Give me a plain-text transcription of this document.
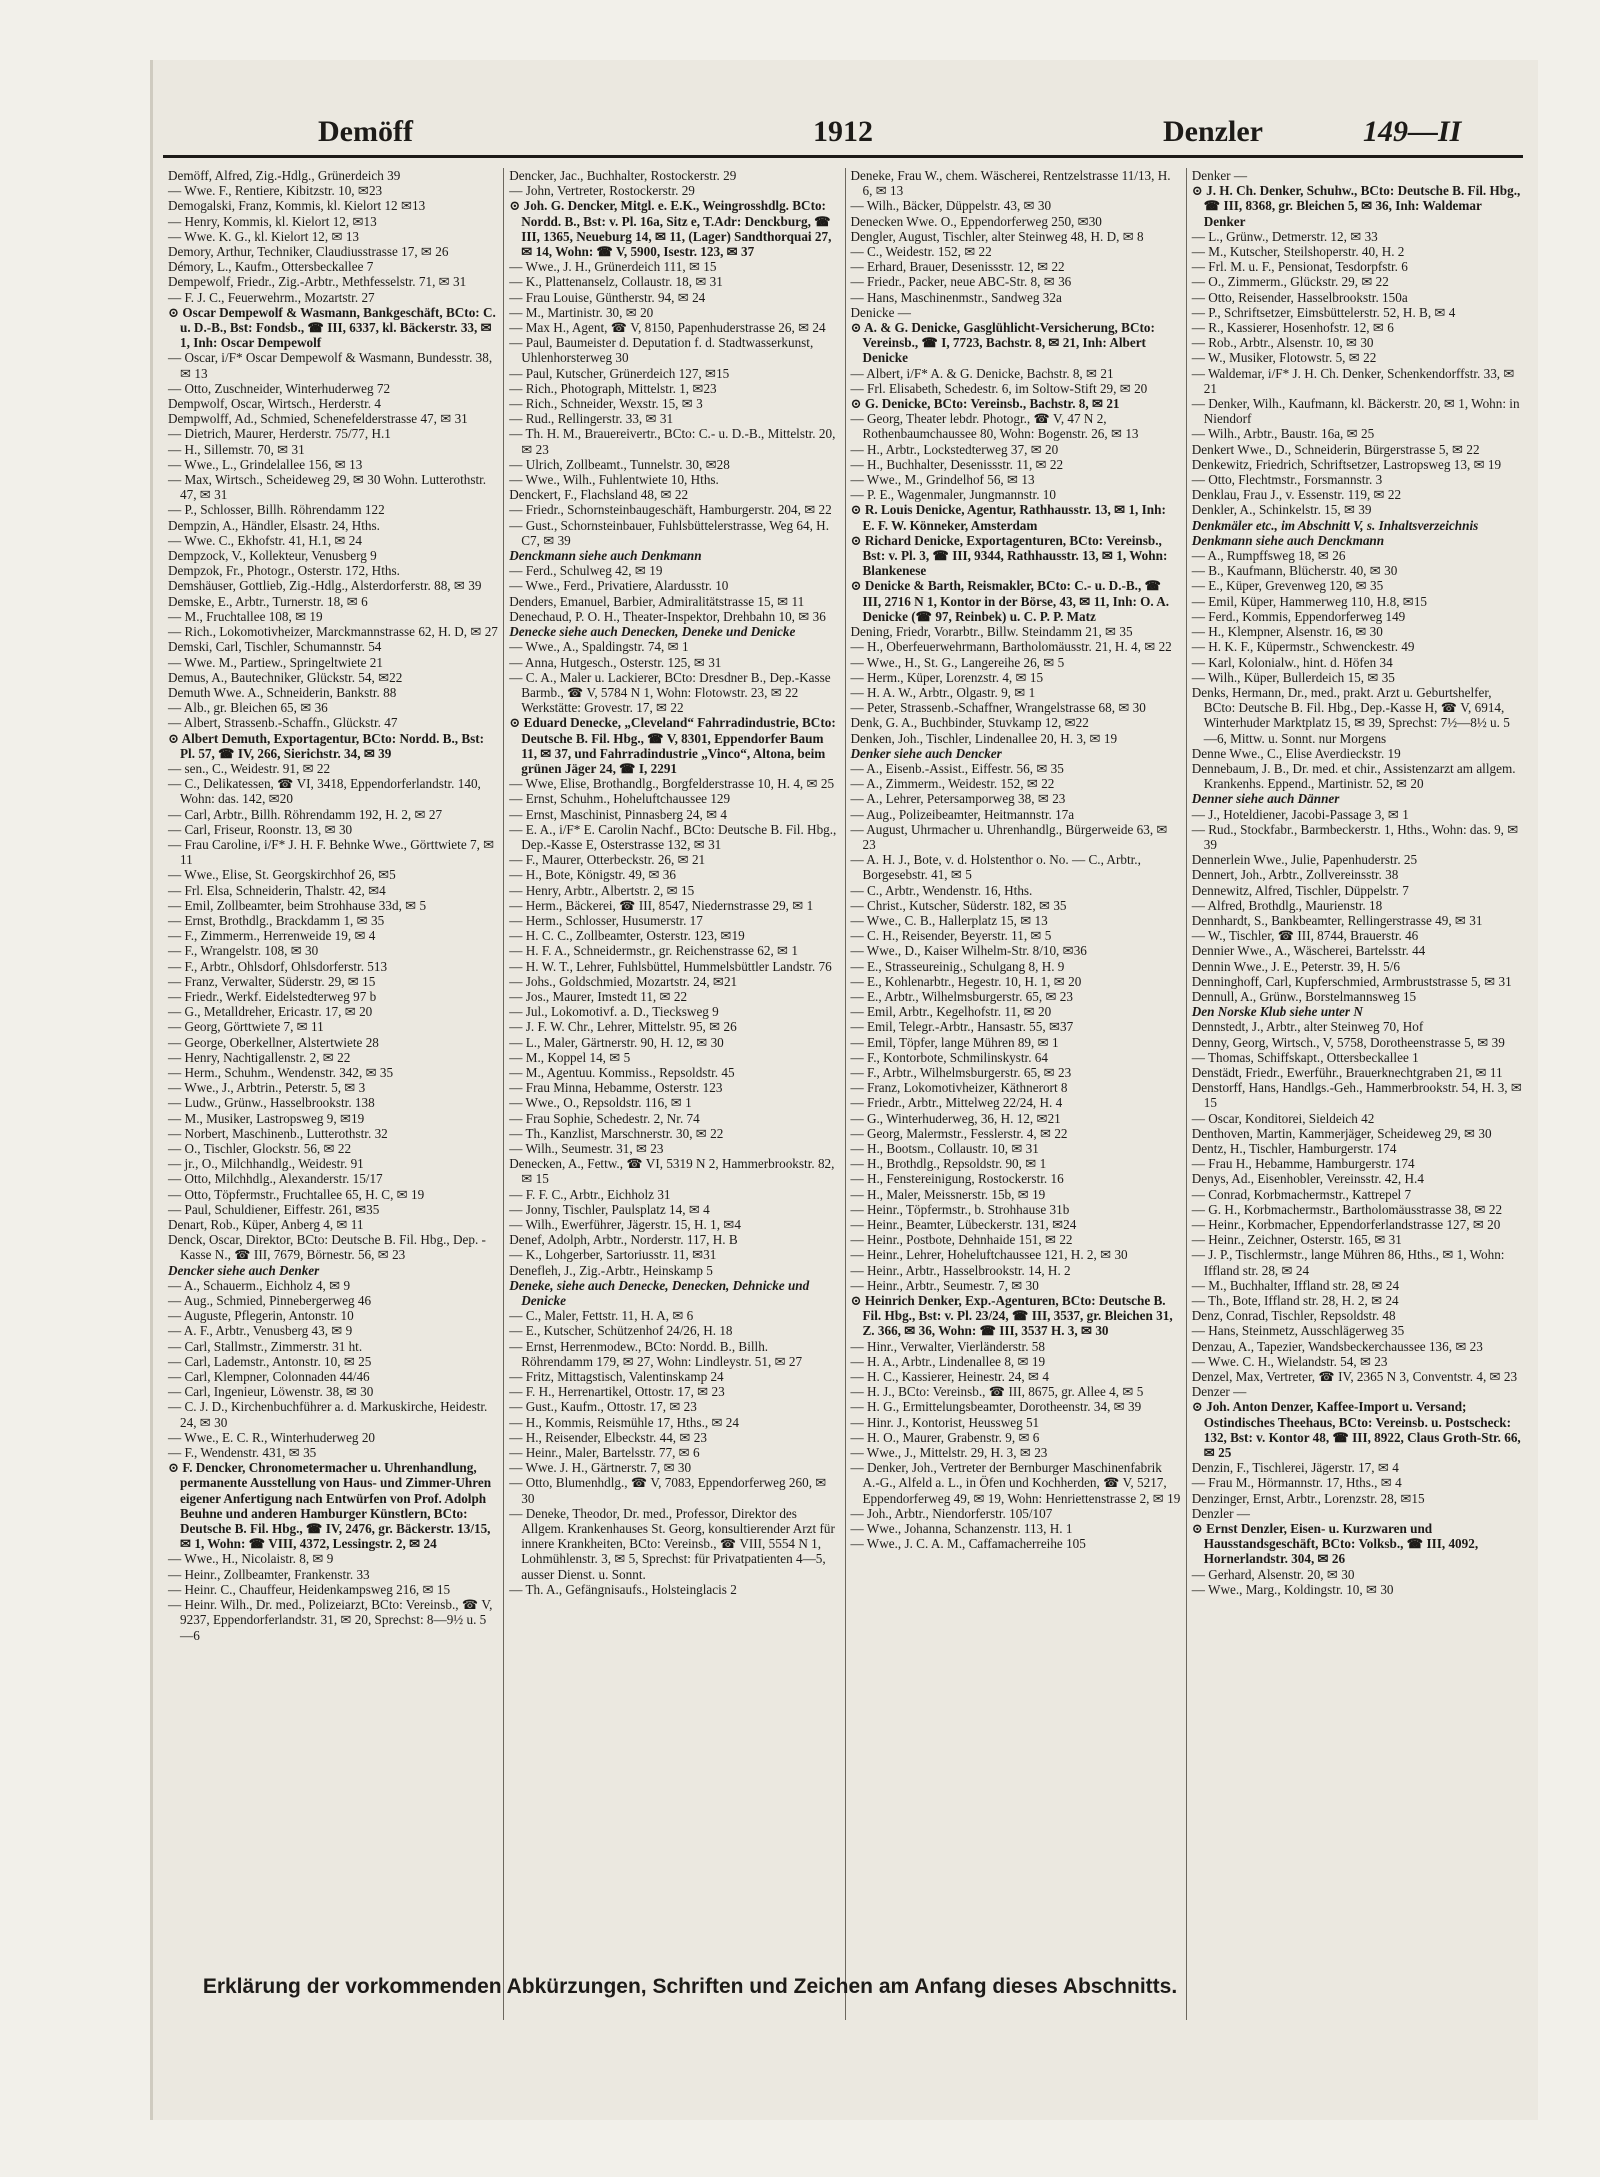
Demöff	1912	Denzler	149—II

Demöff, Alfred, Zig.-Hdlg., Grünerdeich 39

— Wwe. F., Rentiere, Kibitzstr. 10, ✉23

Demogalski, Franz, Kommis, kl. Kielort 12 ✉13

— Henry, Kommis, kl. Kielort 12, ✉13

— Wwe. K. G., kl. Kielort 12, ✉ 13

Demory, Arthur, Techniker, Claudiusstrasse 17, ✉ 26

Démory, L., Kaufm., Ottersbeckallee 7

Dempewolf, Friedr., Zig.-Arbtr., Methfesselstr. 71, ✉ 31

— F. J. C., Feuerwehrm., Mozartstr. 27

⊙ Oscar Dempewolf & Wasmann, Bankgeschäft, BCto: C. u. D.-B., Bst: Fondsb., ☎ III, 6337, kl. Bäckerstr. 33, ✉ 1, Inh: Oscar Dempewolf

— Oscar, i/F* Oscar Dempewolf & Wasmann, Bundesstr. 38, ✉ 13

— Otto, Zuschneider, Winterhuderweg 72

Dempwolf, Oscar, Wirtsch., Herderstr. 4

Dempwolff, Ad., Schmied, Schenefelderstrasse 47, ✉ 31

— Dietrich, Maurer, Herderstr. 75/77, H.1

— H., Sillemstr. 70, ✉ 31

— Wwe., L., Grindelallee 156, ✉ 13

— Max, Wirtsch., Scheideweg 29, ✉ 30 Wohn. Lutterothstr. 47, ✉ 31

— P., Schlosser, Billh. Röhrendamm 122

Dempzin, A., Händler, Elsastr. 24, Hths.

— Wwe. C., Ekhofstr. 41, H.1, ✉ 24

Dempzock, V., Kollekteur, Venusberg 9

Dempzok, Fr., Photogr., Osterstr. 172, Hths.

Demshäuser, Gottlieb, Zig.-Hdlg., Alsterdorferstr. 88, ✉ 39

Demske, E., Arbtr., Turnerstr. 18, ✉ 6

— M., Fruchtallee 108, ✉ 19

— Rich., Lokomotivheizer, Marckmannstrasse 62, H. D, ✉ 27

Demski, Carl, Tischler, Schumannstr. 54

— Wwe. M., Partiew., Springeltwiete 21

Demus, A., Bautechniker, Glückstr. 54, ✉22

Demuth Wwe. A., Schneiderin, Bankstr. 88

— Alb., gr. Bleichen 65, ✉ 36

— Albert, Strassenb.-Schaffn., Glückstr. 47

⊙ Albert Demuth, Exportagentur, BCto: Nordd. B., Bst: Pl. 57, ☎ IV, 266, Sierichstr. 34, ✉ 39

— sen., C., Weidestr. 91, ✉ 22

— C., Delikatessen, ☎ VI, 3418, Eppendorferlandstr. 140, Wohn: das. 142, ✉20

— Carl, Arbtr., Billh. Röhrendamm 192, H. 2, ✉ 27

— Carl, Friseur, Roonstr. 13, ✉ 30

— Frau Caroline, i/F* J. H. F. Behnke Wwe., Görttwiete 7, ✉ 11

— Wwe., Elise, St. Georgskirchhof 26, ✉5

— Frl. Elsa, Schneiderin, Thalstr. 42, ✉4

— Emil, Zollbeamter, beim Strohhause 33d, ✉ 5

— Ernst, Brothdlg., Brackdamm 1, ✉ 35

— F., Zimmerm., Herrenweide 19, ✉ 4

— F., Wrangelstr. 108, ✉ 30

— F., Arbtr., Ohlsdorf, Ohlsdorferstr. 513

— Franz, Verwalter, Süderstr. 29, ✉ 15

— Friedr., Werkf. Eidelstedterweg 97 b

— G., Metalldreher, Ericastr. 17, ✉ 20

— Georg, Görttwiete 7, ✉ 11

— George, Oberkellner, Alstertwiete 28

— Henry, Nachtigallenstr. 2, ✉ 22

— Herm., Schuhm., Wendenstr. 342, ✉ 35

— Wwe., J., Arbtrin., Peterstr. 5, ✉ 3

— Ludw., Grünw., Hasselbrookstr. 138

— M., Musiker, Lastropsweg 9, ✉19

— Norbert, Maschinenb., Lutterothstr. 32

— O., Tischler, Glockstr. 56, ✉ 22

— jr., O., Milchhandlg., Weidestr. 91

— Otto, Milchhdlg., Alexanderstr. 15/17

— Otto, Töpfermstr., Fruchtallee 65, H. C, ✉ 19

— Paul, Schuldiener, Eiffestr. 261, ✉35

Denart, Rob., Küper, Anberg 4, ✉ 11

Denck, Oscar, Direktor, BCto: Deutsche B. Fil. Hbg., Dep. - Kasse N., ☎ III, 7679, Börnestr. 56, ✉ 23

Dencker siehe auch Denker

— A., Schauerm., Eichholz 4, ✉ 9

— Aug., Schmied, Pinnebergerweg 46

— Auguste, Pflegerin, Antonstr. 10

— A. F., Arbtr., Venusberg 43, ✉ 9

— Carl, Stallmstr., Zimmerstr. 31 ht.

— Carl, Lademstr., Antonstr. 10, ✉ 25

— Carl, Klempner, Colonnaden 44/46

— Carl, Ingenieur, Löwenstr. 38, ✉ 30

— C. J. D., Kirchenbuchführer a. d. Markuskirche, Heidestr. 24, ✉ 30

— Wwe., E. C. R., Winterhuderweg 20

— F., Wendenstr. 431, ✉ 35

⊙ F. Dencker, Chronometermacher u. Uhrenhandlung, permanente Ausstellung von Haus- und Zimmer-Uhren eigener Anfertigung nach Entwürfen von Prof. Adolph Beuhne und anderen Hamburger Künstlern, BCto: Deutsche B. Fil. Hbg., ☎ IV, 2476, gr. Bäckerstr. 13/15, ✉ 1, Wohn: ☎ VIII, 4372, Lessingstr. 2, ✉ 24

— Wwe., H., Nicolaistr. 8, ✉ 9

— Heinr., Zollbeamter, Frankenstr. 33

— Heinr. C., Chauffeur, Heidenkampsweg 216, ✉ 15

— Heinr. Wilh., Dr. med., Polizeiarzt, BCto: Vereinsb., ☎ V, 9237, Eppendorferlandstr. 31, ✉ 20, Sprechst: 8—9½ u. 5—6

Dencker, Jac., Buchhalter, Rostockerstr. 29

— John, Vertreter, Rostockerstr. 29

⊙ Joh. G. Dencker, Mitgl. e. E.K., Weingrosshdlg. BCto: Nordd. B., Bst: v. Pl. 16a, Sitz e, T.Adr: Denckburg, ☎ III, 1365, Neueburg 14, ✉ 11, (Lager) Sandthorquai 27, ✉ 14, Wohn: ☎ V, 5900, Isestr. 123, ✉ 37

— Wwe., J. H., Grünerdeich 111, ✉ 15

— K., Plattenanselz, Collaustr. 18, ✉ 31

— Frau Louise, Güntherstr. 94, ✉ 24

— M., Martinistr. 30, ✉ 20

— Max H., Agent, ☎ V, 8150, Papenhuderstrasse 26, ✉ 24

— Paul, Baumeister d. Deputation f. d. Stadtwasserkunst, Uhlenhorsterweg 30

— Paul, Kutscher, Grünerdeich 127, ✉15

— Rich., Photograph, Mittelstr. 1, ✉23

— Rich., Schneider, Wexstr. 15, ✉ 3

— Rud., Rellingerstr. 33, ✉ 31

— Th. H. M., Brauereivertr., BCto: C.- u. D.-B., Mittelstr. 20, ✉ 23

— Ulrich, Zollbeamt., Tunnelstr. 30, ✉28

— Wwe., Wilh., Fuhlentwiete 10, Hths.

Denckert, F., Flachsland 48, ✉ 22

— Friedr., Schornsteinbaugeschäft, Hamburgerstr. 204, ✉ 22

— Gust., Schornsteinbauer, Fuhlsbüttelerstrasse, Weg 64, H. C7, ✉ 39

Denckmann siehe auch Denkmann

— Ferd., Schulweg 42, ✉ 19

— Wwe., Ferd., Privatiere, Alardusstr. 10

Denders, Emanuel, Barbier, Admiralitätstrasse 15, ✉ 11

Denechaud, P. O. H., Theater-Inspektor, Drehbahn 10, ✉ 36

Denecke siehe auch Denecken, Deneke und Denicke

— Wwe., A., Spaldingstr. 74, ✉ 1

— Anna, Hutgesch., Osterstr. 125, ✉ 31

— C. A., Maler u. Lackierer, BCto: Dresdner B., Dep.-Kasse Barmb., ☎ V, 5784 N 1, Wohn: Flotowstr. 23, ✉ 22 Werkstätte: Grovestr. 17, ✉ 22

⊙ Eduard Denecke, „Cleveland“ Fahrradindustrie, BCto: Deutsche B. Fil. Hbg., ☎ V, 8301, Eppendorfer Baum 11, ✉ 37, und Fahrradindustrie „Vinco“, Altona, beim grünen Jäger 24, ☎ I, 2291

— Wwe, Elise, Brothandlg., Borgfelderstrasse 10, H. 4, ✉ 25

— Ernst, Schuhm., Hoheluftchaussee 129

— Ernst, Maschinist, Pinnasberg 24, ✉ 4

— E. A., i/F* E. Carolin Nachf., BCto: Deutsche B. Fil. Hbg., Dep.-Kasse E, Osterstrasse 132, ✉ 31

— F., Maurer, Otterbeckstr. 26, ✉ 21

— H., Bote, Königstr. 49, ✉ 36

— Henry, Arbtr., Albertstr. 2, ✉ 15

— Herm., Bäckerei, ☎ III, 8547, Niedernstrasse 29, ✉ 1

— Herm., Schlosser, Husumerstr. 17

— H. C. C., Zollbeamter, Osterstr. 123, ✉19

— H. F. A., Schneidermstr., gr. Reichenstrasse 62, ✉ 1

— H. W. T., Lehrer, Fuhlsbüttel, Hummelsbüttler Landstr. 76

— Johs., Goldschmied, Mozartstr. 24, ✉21

— Jos., Maurer, Imstedt 11, ✉ 22

— Jul., Lokomotivf. a. D., Tiecksweg 9

— J. F. W. Chr., Lehrer, Mittelstr. 95, ✉ 26

— L., Maler, Gärtnerstr. 90, H. 12, ✉ 30

— M., Koppel 14, ✉ 5

— M., Agentuu. Kommiss., Repsoldstr. 45

— Frau Minna, Hebamme, Osterstr. 123

— Wwe., O., Repsoldstr. 116, ✉ 1

— Frau Sophie, Schedestr. 2, Nr. 74

— Th., Kanzlist, Marschnerstr. 30, ✉ 22

— Wilh., Seumestr. 31, ✉ 23

Denecken, A., Fettw., ☎ VI, 5319 N 2, Hammerbrookstr. 82, ✉ 15

— F. F. C., Arbtr., Eichholz 31

— Jonny, Tischler, Paulsplatz 14, ✉ 4

— Wilh., Ewerführer, Jägerstr. 15, H. 1, ✉4

Denef, Adolph, Arbtr., Norderstr. 117, H. B

— K., Lohgerber, Sartoriusstr. 11, ✉31

Denefleh, J., Zig.-Arbtr., Heinskamp 5

Deneke, siehe auch Denecke, Denecken, Dehnicke und Denicke

— C., Maler, Fettstr. 11, H. A, ✉ 6

— E., Kutscher, Schützenhof 24/26, H. 18

— Ernst, Herrenmodew., BCto: Nordd. B., Billh. Röhrendamm 179, ✉ 27, Wohn: Lindleystr. 51, ✉ 27

— Fritz, Mittagstisch, Valentinskamp 24

— F. H., Herrenartikel, Ottostr. 17, ✉ 23

— Gust., Kaufm., Ottostr. 17, ✉ 23

— H., Kommis, Reismühle 17, Hths., ✉ 24

— H., Reisender, Elbeckstr. 44, ✉ 23

— Heinr., Maler, Bartelsstr. 77, ✉ 6

— Wwe. J. H., Gärtnerstr. 7, ✉ 30

— Otto, Blumenhdlg., ☎ V, 7083, Eppendorferweg 260, ✉ 30

— Deneke, Theodor, Dr. med., Professor, Direktor des Allgem. Krankenhauses St. Georg, konsultierender Arzt für innere Krankheiten, BCto: Vereinsb., ☎ VIII, 5554 N 1, Lohmühlenstr. 3, ✉ 5, Sprechst: für Privatpatienten 4—5, ausser Dienst. u. Sonnt.

— Th. A., Gefängnisaufs., Holsteinglacis 2

Deneke, Frau W., chem. Wäscherei, Rentzelstrasse 11/13, H. 6, ✉ 13

— Wilh., Bäcker, Düppelstr. 43, ✉ 30

Denecken Wwe. O., Eppendorferweg 250, ✉30

Dengler, August, Tischler, alter Steinweg 48, H. D, ✉ 8

— C., Weidestr. 152, ✉ 22

— Erhard, Brauer, Desenissstr. 12, ✉ 22

— Friedr., Packer, neue ABC-Str. 8, ✉ 36

— Hans, Maschinenmstr., Sandweg 32a

Denicke —

⊙ A. & G. Denicke, Gasglühlicht-Versicherung, BCto: Vereinsb., ☎ I, 7723, Bachstr. 8, ✉ 21, Inh: Albert Denicke

— Albert, i/F* A. & G. Denicke, Bachstr. 8, ✉ 21

— Frl. Elisabeth, Schedestr. 6, im Soltow-Stift 29, ✉ 20

⊙ G. Denicke, BCto: Vereinsb., Bachstr. 8, ✉ 21

— Georg, Theater lebdr. Photogr., ☎ V, 47 N 2, Rothenbaumchaussee 80, Wohn: Bogenstr. 26, ✉ 13

— H., Arbtr., Lockstedterweg 37, ✉ 20

— H., Buchhalter, Desenissstr. 11, ✉ 22

— Wwe., M., Grindelhof 56, ✉ 13

— P. E., Wagenmaler, Jungmannstr. 10

⊙ R. Louis Denicke, Agentur, Rathhausstr. 13, ✉ 1, Inh: E. F. W. Könneker, Amsterdam

⊙ Richard Denicke, Exportagenturen, BCto: Vereinsb., Bst: v. Pl. 3, ☎ III, 9344, Rathhausstr. 13, ✉ 1, Wohn: Blankenese

⊙ Denicke & Barth, Reismakler, BCto: C.- u. D.-B., ☎ III, 2716 N 1, Kontor in der Börse, 43, ✉ 11, Inh: O. A. Denicke (☎ 97, Reinbek) u. C. P. P. Matz

Dening, Friedr, Vorarbtr., Billw. Steindamm 21, ✉ 35

— H., Oberfeuerwehrmann, Bartholomäusstr. 21, H. 4, ✉ 22

— Wwe., H., St. G., Langereihe 26, ✉ 5

— Herm., Küper, Lorenzstr. 4, ✉ 15

— H. A. W., Arbtr., Olgastr. 9, ✉ 1

— Peter, Strassenb.-Schaffner, Wrangelstrasse 68, ✉ 30

Denk, G. A., Buchbinder, Stuvkamp 12, ✉22

Denken, Joh., Tischler, Lindenallee 20, H. 3, ✉ 19

Denker siehe auch Dencker

— A., Eisenb.-Assist., Eiffestr. 56, ✉ 35

— A., Zimmerm., Weidestr. 152, ✉ 22

— A., Lehrer, Petersamporweg 38, ✉ 23

— Aug., Polizeibeamter, Heitmannstr. 17a

— August, Uhrmacher u. Uhrenhandlg., Bürgerweide 63, ✉ 23

— A. H. J., Bote, v. d. Holstenthor o. No. — C., Arbtr., Borgesebstr. 41, ✉ 5

— C., Arbtr., Wendenstr. 16, Hths.

— Christ., Kutscher, Süderstr. 182, ✉ 35

— Wwe., C. B., Hallerplatz 15, ✉ 13

— C. H., Reisender, Beyerstr. 11, ✉ 5

— Wwe., D., Kaiser Wilhelm-Str. 8/10, ✉36

— E., Strasseureinig., Schulgang 8, H. 9

— E., Kohlenarbtr., Hegestr. 10, H. 1, ✉ 20

— E., Arbtr., Wilhelmsburgerstr. 65, ✉ 23

— Emil, Arbtr., Kegelhofstr. 11, ✉ 20

— Emil, Telegr.-Arbtr., Hansastr. 55, ✉37

— Emil, Töpfer, lange Mühren 89, ✉ 1

— F., Kontorbote, Schmilinskystr. 64

— F., Arbtr., Wilhelmsburgerstr. 65, ✉ 23

— Franz, Lokomotivheizer, Käthnerort 8

— Friedr., Arbtr., Mittelweg 22/24, H. 4

— G., Winterhuderweg, 36, H. 12, ✉21

— Georg, Malermstr., Fesslerstr. 4, ✉ 22

— H., Bootsm., Collaustr. 10, ✉ 31

— H., Brothdlg., Repsoldstr. 90, ✉ 1

— H., Fenstereinigung, Rostockerstr. 16

— H., Maler, Meissnerstr. 15b, ✉ 19

— Heinr., Töpfermstr., b. Strohhause 31b

— Heinr., Beamter, Lübeckerstr. 131, ✉24

— Heinr., Postbote, Dehnhaide 151, ✉ 22

— Heinr., Lehrer, Hoheluftchaussee 121, H. 2, ✉ 30

— Heinr., Arbtr., Hasselbrookstr. 14, H. 2

— Heinr., Arbtr., Seumestr. 7, ✉ 30

⊙ Heinrich Denker, Exp.-Agenturen, BCto: Deutsche B. Fil. Hbg., Bst: v. Pl. 23/24, ☎ III, 3537, gr. Bleichen 31, Z. 366, ✉ 36, Wohn: ☎ III, 3537 H. 3, ✉ 30

— Hinr., Verwalter, Vierländerstr. 58

— H. A., Arbtr., Lindenallee 8, ✉ 19

— H. C., Kassierer, Heinestr. 24, ✉ 4

— H. J., BCto: Vereinsb., ☎ III, 8675, gr. Allee 4, ✉ 5

— H. G., Ermittelungsbeamter, Dorotheenstr. 34, ✉ 39

— Hinr. J., Kontorist, Heussweg 51

— H. O., Maurer, Grabenstr. 9, ✉ 6

— Wwe., J., Mittelstr. 29, H. 3, ✉ 23

— Denker, Joh., Vertreter der Bernburger Maschinenfabrik A.-G., Alfeld a. L., in Öfen und Kochherden, ☎ V, 5217, Eppendorferweg 49, ✉ 19, Wohn: Henriettenstrasse 2, ✉ 19

— Joh., Arbtr., Niendorferstr. 105/107

— Wwe., Johanna, Schanzenstr. 113, H. 1

— Wwe., J. C. A. M., Caffamacherreihe 105

Denker —

⊙ J. H. Ch. Denker, Schuhw., BCto: Deutsche B. Fil. Hbg., ☎ III, 8368, gr. Bleichen 5, ✉ 36, Inh: Waldemar Denker

— L., Grünw., Detmerstr. 12, ✉ 33

— M., Kutscher, Steilshoperstr. 40, H. 2

— Frl. M. u. F., Pensionat, Tesdorpfstr. 6

— O., Zimmerm., Glückstr. 29, ✉ 22

— Otto, Reisender, Hasselbrookstr. 150a

— P., Schriftsetzer, Eimsbüttelerstr. 52, H. B, ✉ 4

— R., Kassierer, Hosenhofstr. 12, ✉ 6

— Rob., Arbtr., Alsenstr. 10, ✉ 30

— W., Musiker, Flotowstr. 5, ✉ 22

— Waldemar, i/F* J. H. Ch. Denker, Schenkendorffstr. 33, ✉ 21

— Denker, Wilh., Kaufmann, kl. Bäckerstr. 20, ✉ 1, Wohn: in Niendorf

— Wilh., Arbtr., Baustr. 16a, ✉ 25

Denkert Wwe., D., Schneiderin, Bürgerstrasse 5, ✉ 22

Denkewitz, Friedrich, Schriftsetzer, Lastropsweg 13, ✉ 19

— Otto, Flechtmstr., Forsmannstr. 3

Denklau, Frau J., v. Essenstr. 119, ✉ 22

Denkler, A., Schinkelstr. 15, ✉ 39

Denkmäler etc., im Abschnitt V, s. Inhaltsverzeichnis

Denkmann siehe auch Denckmann

— A., Rumpffsweg 18, ✉ 26

— B., Kaufmann, Blücherstr. 40, ✉ 30

— E., Küper, Grevenweg 120, ✉ 35

— Emil, Küper, Hammerweg 110, H.8, ✉15

— Ferd., Kommis, Eppendorferweg 149

— H., Klempner, Alsenstr. 16, ✉ 30

— H. K. F., Küpermstr., Schwenckestr. 49

— Karl, Kolonialw., hint. d. Höfen 34

— Wilh., Küper, Bullerdeich 15, ✉ 35

Denks, Hermann, Dr., med., prakt. Arzt u. Geburtshelfer, BCto: Deutsche B. Fil. Hbg., Dep.-Kasse H, ☎ V, 6914, Winterhuder Marktplatz 15, ✉ 39, Sprechst: 7½—8½ u. 5—6, Mittw. u. Sonnt. nur Morgens

Denne Wwe., C., Elise Averdieckstr. 19

Dennebaum, J. B., Dr. med. et chir., Assistenzarzt am allgem. Krankenhs. Eppend., Martinistr. 52, ✉ 20

Denner siehe auch Dänner

— J., Hoteldiener, Jacobi-Passage 3, ✉ 1

— Rud., Stockfabr., Barmbeckerstr. 1, Hths., Wohn: das. 9, ✉ 39

Dennerlein Wwe., Julie, Papenhuderstr. 25

Dennert, Joh., Arbtr., Zollvereinsstr. 38

Dennewitz, Alfred, Tischler, Düppelstr. 7

— Alfred, Brothdlg., Maurienstr. 18

Dennhardt, S., Bankbeamter, Rellingerstrasse 49, ✉ 31

— W., Tischler, ☎ III, 8744, Brauerstr. 46

Dennier Wwe., A., Wäscherei, Bartelsstr. 44

Dennin Wwe., J. E., Peterstr. 39, H. 5/6

Denninghoff, Carl, Kupferschmied, Armbruststrasse 5, ✉ 31

Dennull, A., Grünw., Borstelmannsweg 15

Den Norske Klub siehe unter N

Dennstedt, J., Arbtr., alter Steinweg 70, Hof

Denny, Georg, Wirtsch., V, 5758, Dorotheenstrasse 5, ✉ 39

— Thomas, Schiffskapt., Ottersbeckallee 1

Denstädt, Friedr., Ewerführ., Brauerknechtgraben 21, ✉ 11

Denstorff, Hans, Handlgs.-Geh., Hammerbrookstr. 54, H. 3, ✉ 15

— Oscar, Konditorei, Sieldeich 42

Denthoven, Martin, Kammerjäger, Scheideweg 29, ✉ 30

Dentz, H., Tischler, Hamburgerstr. 174

— Frau H., Hebamme, Hamburgerstr. 174

Denys, Ad., Eisenhobler, Vereinsstr. 42, H.4

— Conrad, Korbmachermstr., Kattrepel 7

— G. H., Korbmachermstr., Bartholomäusstrasse 38, ✉ 22

— Heinr., Korbmacher, Eppendorferlandstrasse 127, ✉ 20

— Heinr., Zeichner, Osterstr. 165, ✉ 31

— J. P., Tischlermstr., lange Mühren 86, Hths., ✉ 1, Wohn: Iffland str. 28, ✉ 24

— M., Buchhalter, Iffland str. 28, ✉ 24

— Th., Bote, Iffland str. 28, H. 2, ✉ 24

Denz, Conrad, Tischler, Repsoldstr. 48

— Hans, Steinmetz, Ausschlägerweg 35

Denzau, A., Tapezier, Wandsbeckerchaussee 136, ✉ 23

— Wwe. C. H., Wielandstr. 54, ✉ 23

Denzel, Max, Vertreter, ☎ IV, 2365 N 3, Conventstr. 4, ✉ 23

Denzer —

⊙ Joh. Anton Denzer, Kaffee-Import u. Versand; Ostindisches Theehaus, BCto: Vereinsb. u. Postscheck: 132, Bst: v. Kontor 48, ☎ III, 8922, Claus Groth-Str. 66, ✉ 25

Denzin, F., Tischlerei, Jägerstr. 17, ✉ 4

— Frau M., Hörmannstr. 17, Hths., ✉ 4

Denzinger, Ernst, Arbtr., Lorenzstr. 28, ✉15

Denzler —

⊙ Ernst Denzler, Eisen- u. Kurzwaren und Hausstandsgeschäft, BCto: Volksb., ☎ III, 4092, Hornerlandstr. 304, ✉ 26

— Gerhard, Alsenstr. 20, ✉ 30

— Wwe., Marg., Koldingstr. 10, ✉ 30

Erklärung der vorkommenden Abkürzungen, Schriften und Zeichen am Anfang dieses Abschnitts.
